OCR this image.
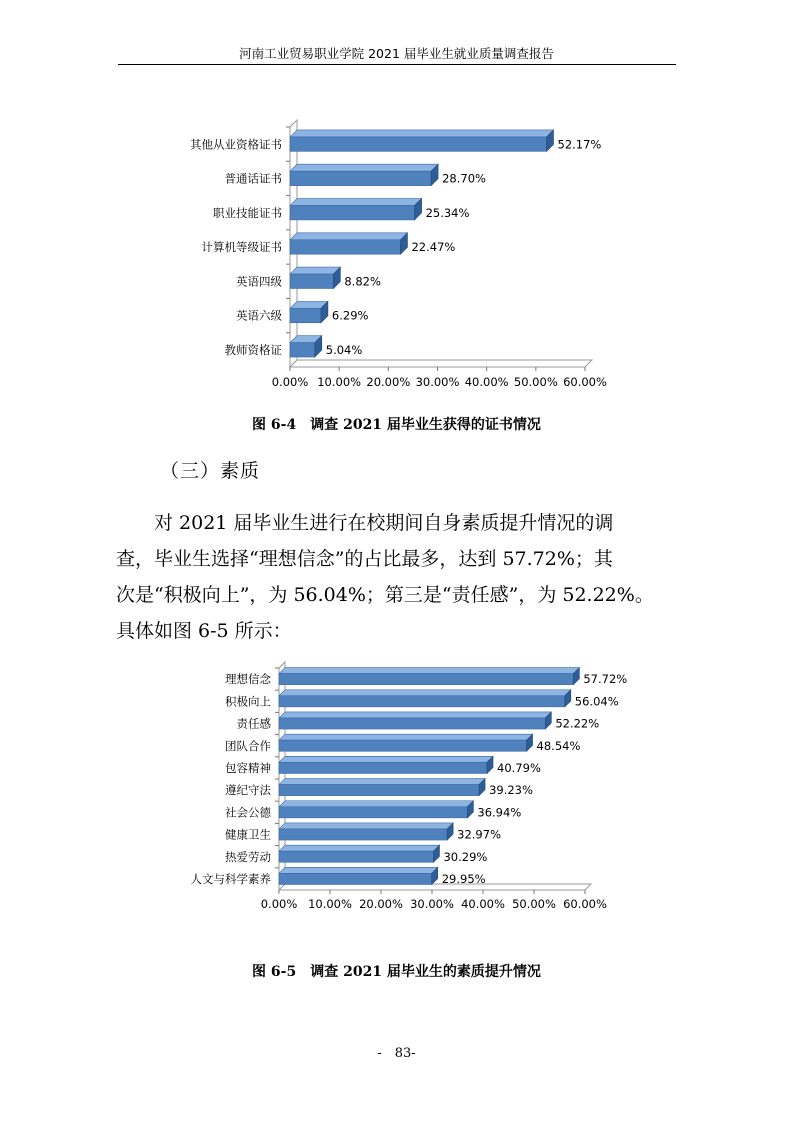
河南工业贸易职业学院 2021 届毕业生就业质量调查报告
0.00% 10.00% 20.00% 30.00% 40.00% 50.00% 60.00%
其他从业资格证书	52.17%
普通话证书	28.70%
职业技能证书	25.34%
计算机等级证书	22.47%
英语四级	8.82%
英语六级	6.29%
教师资格证	5.04%
图 6-4　调查 2021 届毕业生获得的证书情况
（三）素质
　　对 2021 届毕业生进行在校期间自身素质提升情况的调
查，毕业生选择“理想信念”的占比最多，达到 57.72%；其
次是“积极向上”，为 56.04%；第三是“责任感”，为 52.22%。
具体如图 6-5 所示：
0.00% 10.00% 20.00% 30.00% 40.00% 50.00% 60.00%
理想信念	57.72%
积极向上	56.04%
责任感	52.22%
团队合作	48.54%
包容精神	40.79%
遵纪守法	39.23%
社会公德	36.94%
健康卫生	32.97%
热爱劳动	30.29%
人文与科学素养	29.95%
图 6-5　调查 2021 届毕业生的素质提升情况
-　83-
